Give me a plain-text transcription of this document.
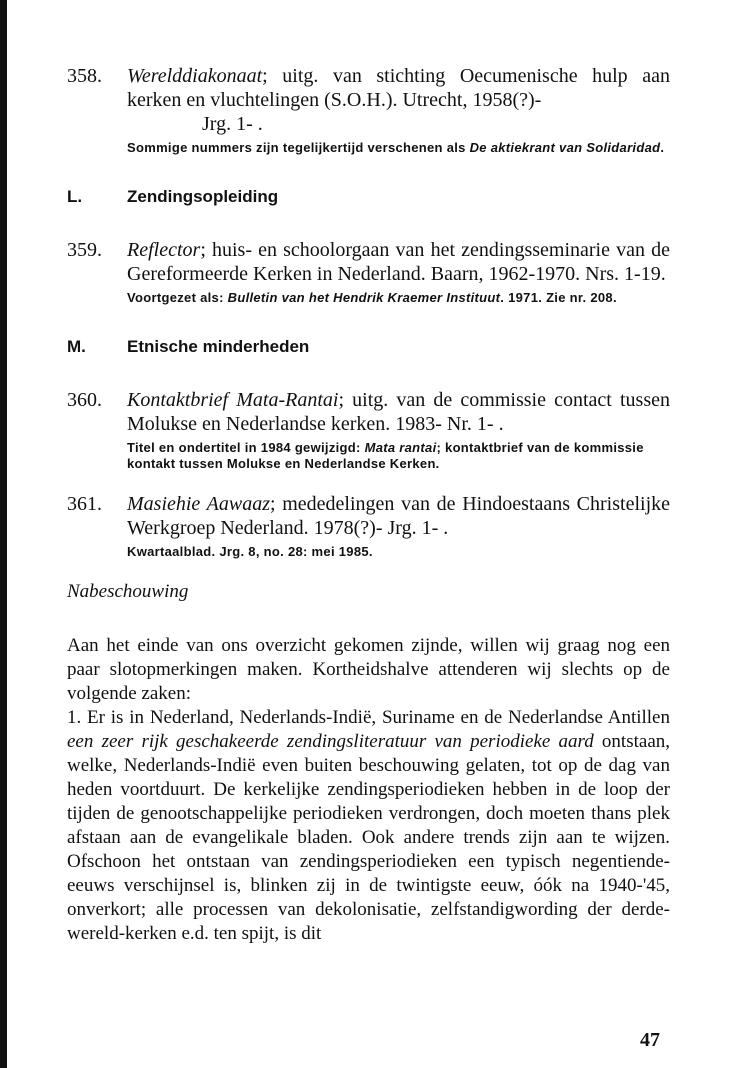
358. Werelddiakonaat; uitg. van stichting Oecumenische hulp aan kerken en vluchtelingen (S.O.H.). Utrecht, 1958(?)-
Jrg. 1- .
Sommige nummers zijn tegelijkertijd verschenen als De aktiekrant van Solidaridad.
L.	Zendingsopleiding
359. Reflector; huis- en schoolorgaan van het zendingsseminarie van de Gereformeerde Kerken in Nederland. Baarn, 1962-1970. Nrs. 1-19.
Voortgezet als: Bulletin van het Hendrik Kraemer Instituut. 1971. Zie nr. 208.
M.	Etnische minderheden
360. Kontaktbrief Mata-Rantai; uitg. van de commissie contact tussen Molukse en Nederlandse kerken. 1983- Nr. 1- .
Titel en ondertitel in 1984 gewijzigd: Mata rantai; kontaktbrief van de kommissie kontakt tussen Molukse en Nederlandse Kerken.
361. Masiehie Aawaaz; mededelingen van de Hindoestaans Christelijke Werkgroep Nederland. 1978(?)- Jrg. 1- .
Kwartaalblad. Jrg. 8, no. 28: mei 1985.
Nabeschouwing
Aan het einde van ons overzicht gekomen zijnde, willen wij graag nog een paar slotopmerkingen maken. Kortheidshalve attenderen wij slechts op de volgende zaken:
1. Er is in Nederland, Nederlands-Indië, Suriname en de Nederlandse Antillen een zeer rijk geschakeerde zendingsliteratuur van periodieke aard ontstaan, welke, Nederlands-Indië even buiten beschouwing gelaten, tot op de dag van heden voortduurt. De kerkelijke zendingsperiodieken hebben in de loop der tijden de genootschappelijke periodieken verdrongen, doch moeten thans plek afstaan aan de evangelikale bladen. Ook andere trends zijn aan te wijzen. Ofschoon het ontstaan van zendingsperiodieken een typisch negentiende-eeuws verschijnsel is, blinken zij in de twintigste eeuw, óók na 1940-'45, onverkort; alle processen van dekolonisatie, zelfstandigwording der derde-wereld-kerken e.d. ten spijt, is dit
47
